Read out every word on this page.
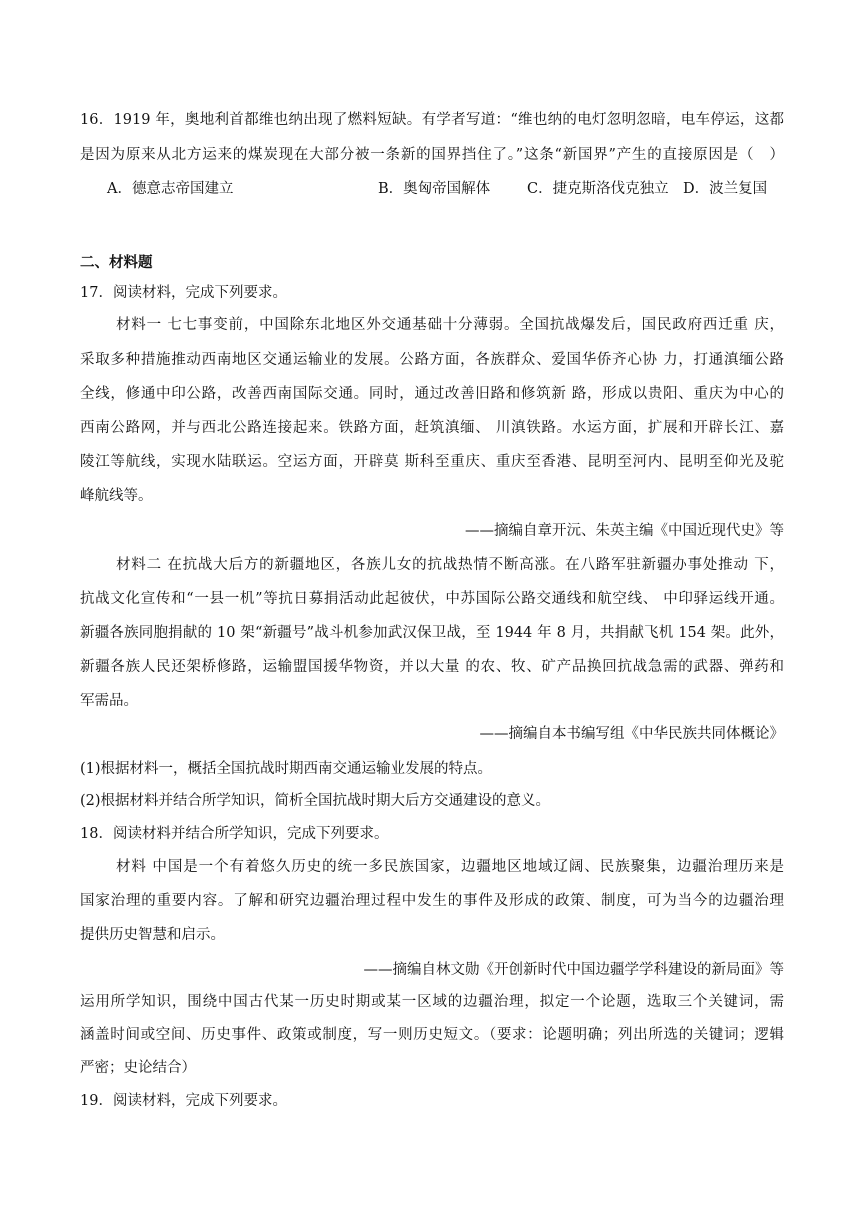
16．1919 年，奥地利首都维也纳出现了燃料短缺。有学者写道：“维也纳的电灯忽明忽暗，电车停运，这都
是因为原来从北方运来的煤炭现在大部分被一条新的国界挡住了。”这条“新国界”产生的直接原因是（　）
A．德意志帝国建立	B．奥匈帝国解体	C．捷克斯洛伐克独立 D．波兰复国
二、材料题
17．阅读材料，完成下列要求。
材料一 七七事变前，中国除东北地区外交通基础十分薄弱。全国抗战爆发后，国民政府西迁重 庆，
采取多种措施推动西南地区交通运输业的发展。公路方面，各族群众、爱国华侨齐心协 力，打通滇缅公路
全线，修通中印公路，改善西南国际交通。同时，通过改善旧路和修筑新 路，形成以贵阳、重庆为中心的
西南公路网，并与西北公路连接起来。铁路方面，赶筑滇缅、 川滇铁路。水运方面，扩展和开辟长江、嘉
陵江等航线，实现水陆联运。空运方面，开辟莫 斯科至重庆、重庆至香港、昆明至河内、昆明至仰光及驼
峰航线等。
——摘编自章开沅、朱英主编《中国近现代史》等
材料二 在抗战大后方的新疆地区，各族儿女的抗战热情不断高涨。在八路军驻新疆办事处推动 下，
抗战文化宣传和“一县一机”等抗日募捐活动此起彼伏，中苏国际公路交通线和航空线、 中印驿运线开通。
新疆各族同胞捐献的 10 架“新疆号”战斗机参加武汉保卫战，至 1944 年 8 月，共捐献飞机 154 架。此外，
新疆各族人民还架桥修路，运输盟国援华物资，并以大量 的农、牧、矿产品换回抗战急需的武器、弹药和
军需品。
——摘编自本书编写组《中华民族共同体概论》
(1)根据材料一，概括全国抗战时期西南交通运输业发展的特点。
(2)根据材料并结合所学知识，简析全国抗战时期大后方交通建设的意义。
18．阅读材料并结合所学知识，完成下列要求。
材料 中国是一个有着悠久历史的统一多民族国家，边疆地区地域辽阔、民族聚集，边疆治理历来是
国家治理的重要内容。了解和研究边疆治理过程中发生的事件及形成的政策、制度，可为当今的边疆治理
提供历史智慧和启示。
——摘编自林文勋《开创新时代中国边疆学学科建设的新局面》等
运用所学知识，围绕中国古代某一历史时期或某一区域的边疆治理，拟定一个论题，选取三个关键词，需
涵盖时间或空间、历史事件、政策或制度，写一则历史短文。（要求：论题明确；列出所选的关键词；逻辑
严密；史论结合）
19．阅读材料，完成下列要求。
